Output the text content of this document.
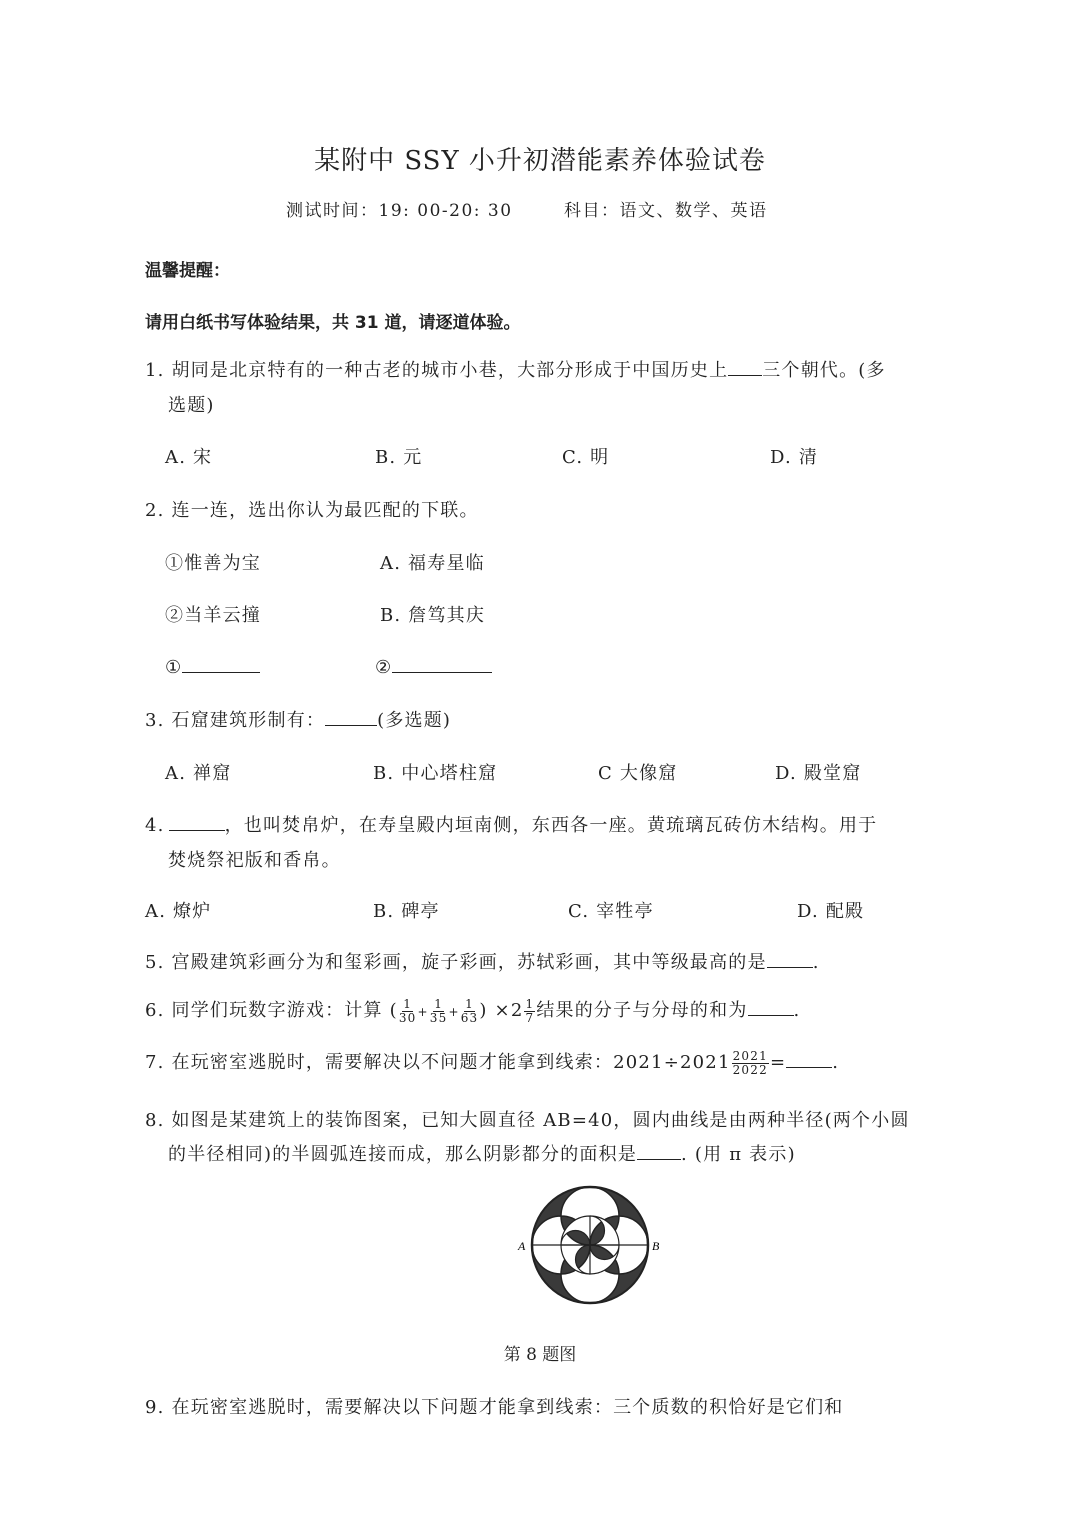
某附中 SSY 小升初潜能素养体验试卷
测试时间：19: 00-20: 30	科目：语文、数学、英语
温馨提醒：
请用白纸书写体验结果，共 31 道，请逐道体验。
1. 胡同是北京特有的一种古老的城市小巷，大部分形成于中国历史上 三个朝代。(多
选题)
A. 宋	B. 元	C. 明	D. 清
2. 连一连，选出你认为最匹配的下联。
①惟善为宝	A. 福寿星临
②当羊云撞	B. 詹笃其庆
①	②
3. 石窟建筑形制有：	(多选题)
A. 禅窟	B. 中心塔柱窟	C 大像窟	D. 殿堂窟
4.	，也叫焚帛炉，在寿皇殿内垣南侧，东西各一座。黄琉璃瓦砖仿木结构。用于
焚烧祭祀版和香帛。
A. 燎炉	B. 碑亭	C. 宰牲亭	D. 配殿
5. 宫殿建筑彩画分为和玺彩画，旋子彩画，苏轼彩画，其中等级最高的是	.
6. 同学们玩数字游戏：计算 ( $\frac{1}{30} + \frac{1}{35} + \frac{1}{63}$ ) $\times 2 \frac{1}{7}$ 结果的分子与分母的和为	.
7. 在玩密室逃脱时，需要解决以不问题才能拿到线索：$2021\div 2021 \frac{2021}{2022}$ =	.
8. 如图是某建筑上的装饰图案，已知大圆直径 AB=40，圆内曲线是由两种半径(两个小圆
的半径相同)的半圆弧连接而成，那么阴影都分的面积是 . (用 π 表示)
A	B
第 8 题图
9. 在玩密室逃脱时，需要解决以下问题才能拿到线索：三个质数的积恰好是它们和
